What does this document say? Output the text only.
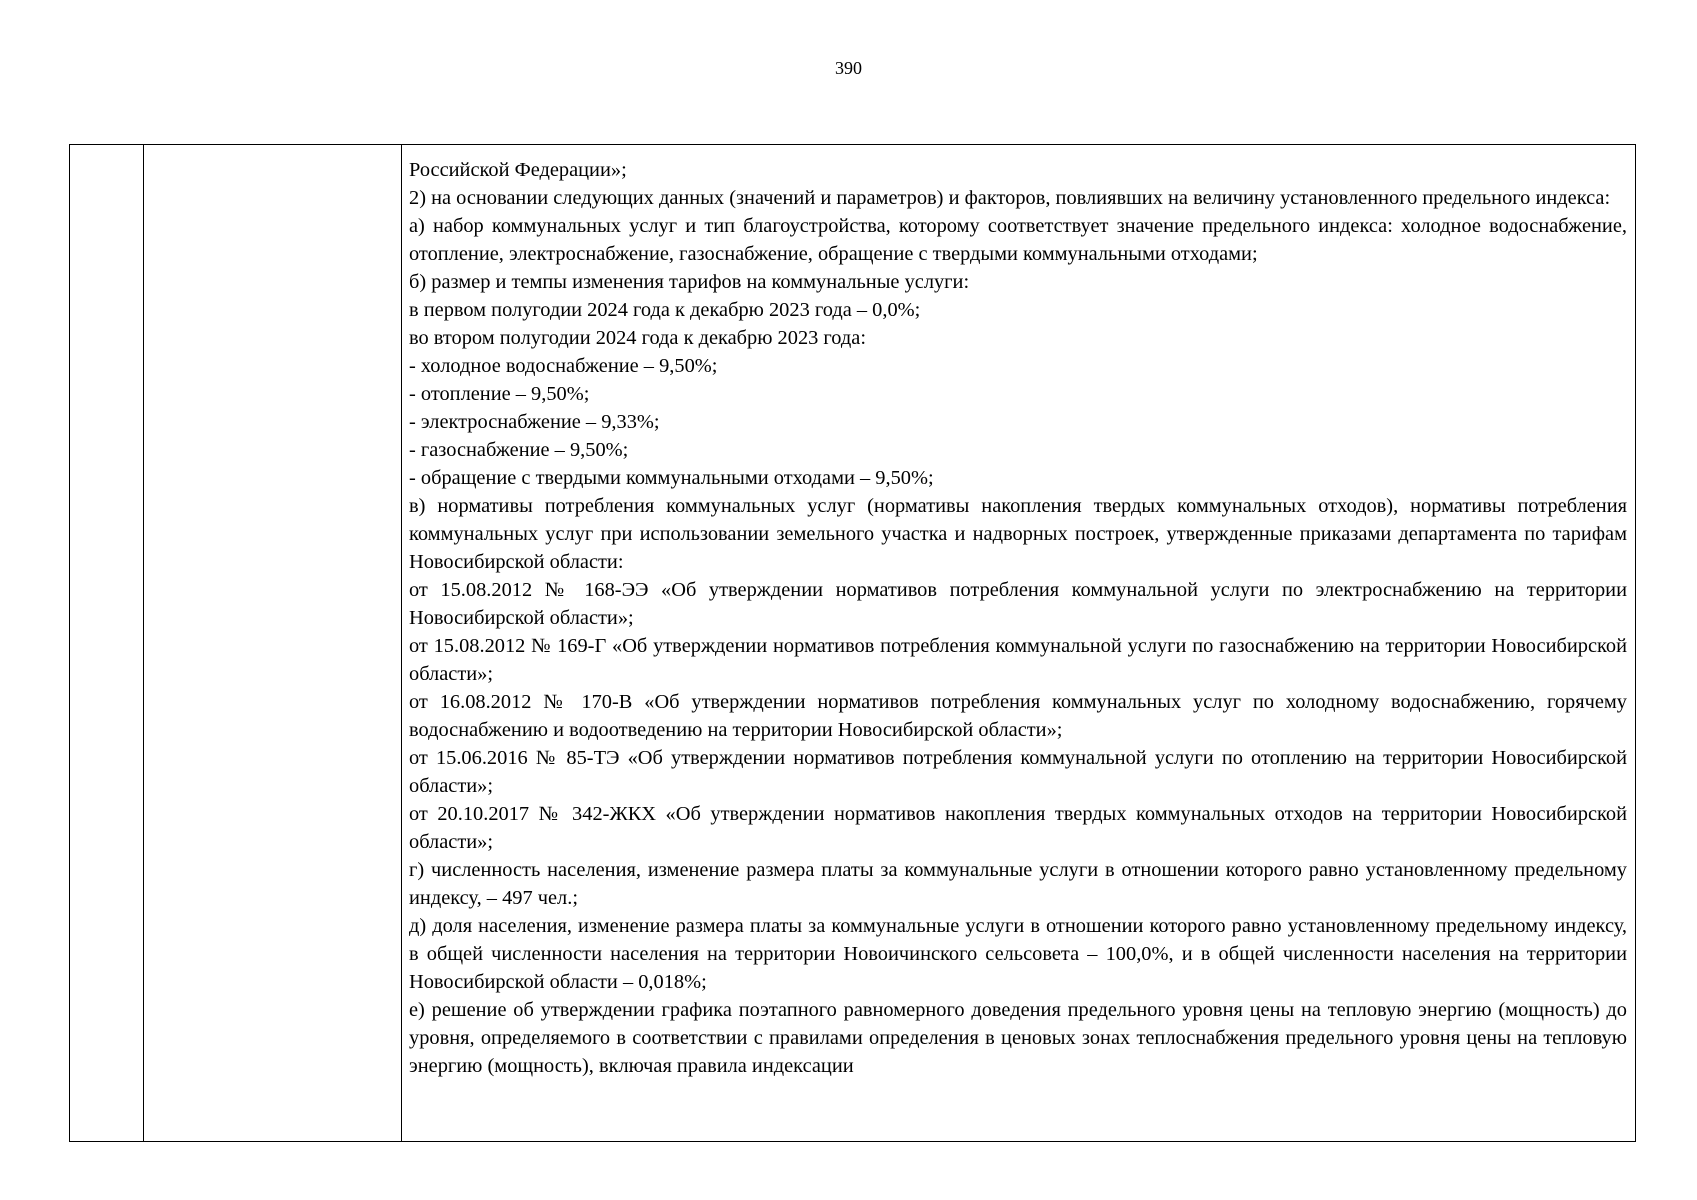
390

Российской Федерации»;

2) на основании следующих данных (значений и параметров) и факторов, повлиявших на величину установленного предельного индекса:

а) набор коммунальных услуг и тип благоустройства, которому соответствует значение предельного индекса: холодное водоснабжение, отопление, электроснабжение, газоснабжение, обращение с твердыми коммунальными отходами;

б) размер и темпы изменения тарифов на коммунальные услуги:

в первом полугодии 2024 года к декабрю 2023 года – 0,0%;

во втором полугодии 2024 года к декабрю 2023 года:

- холодное водоснабжение – 9,50%;

- отопление – 9,50%;

- электроснабжение – 9,33%;

- газоснабжение – 9,50%;

- обращение с твердыми коммунальными отходами – 9,50%;

в) нормативы потребления коммунальных услуг (нормативы накопления твердых коммунальных отходов), нормативы потребления коммунальных услуг при использовании земельного участка и надворных построек, утвержденные приказами департамента по тарифам Новосибирской области:

от 15.08.2012 № 168-ЭЭ «Об утверждении нормативов потребления коммунальной услуги по электроснабжению на территории Новосибирской области»;

от 15.08.2012 № 169-Г «Об утверждении нормативов потребления коммунальной услуги по газоснабжению на территории Новосибирской области»;

от 16.08.2012 № 170-В «Об утверждении нормативов потребления коммунальных услуг по холодному водоснабжению, горячему водоснабжению и водоотведению на территории Новосибирской области»;

от 15.06.2016 № 85-ТЭ «Об утверждении нормативов потребления коммунальной услуги по отоплению на территории Новосибирской области»;

от 20.10.2017 № 342-ЖКХ «Об утверждении нормативов накопления твердых коммунальных отходов на территории Новосибирской области»;

г) численность населения, изменение размера платы за коммунальные услуги в отношении которого равно установленному предельному индексу, – 497 чел.;

д) доля населения, изменение размера платы за коммунальные услуги в отношении которого равно установленному предельному индексу, в общей численности населения на территории Новоичинского сельсовета – 100,0%, и в общей численности населения на территории Новосибирской области – 0,018%;

е) решение об утверждении графика поэтапного равномерного доведения предельного уровня цены на тепловую энергию (мощность) до уровня, определяемого в соответствии с правилами определения в ценовых зонах теплоснабжения предельного уровня цены на тепловую энергию (мощность), включая правила индексации
